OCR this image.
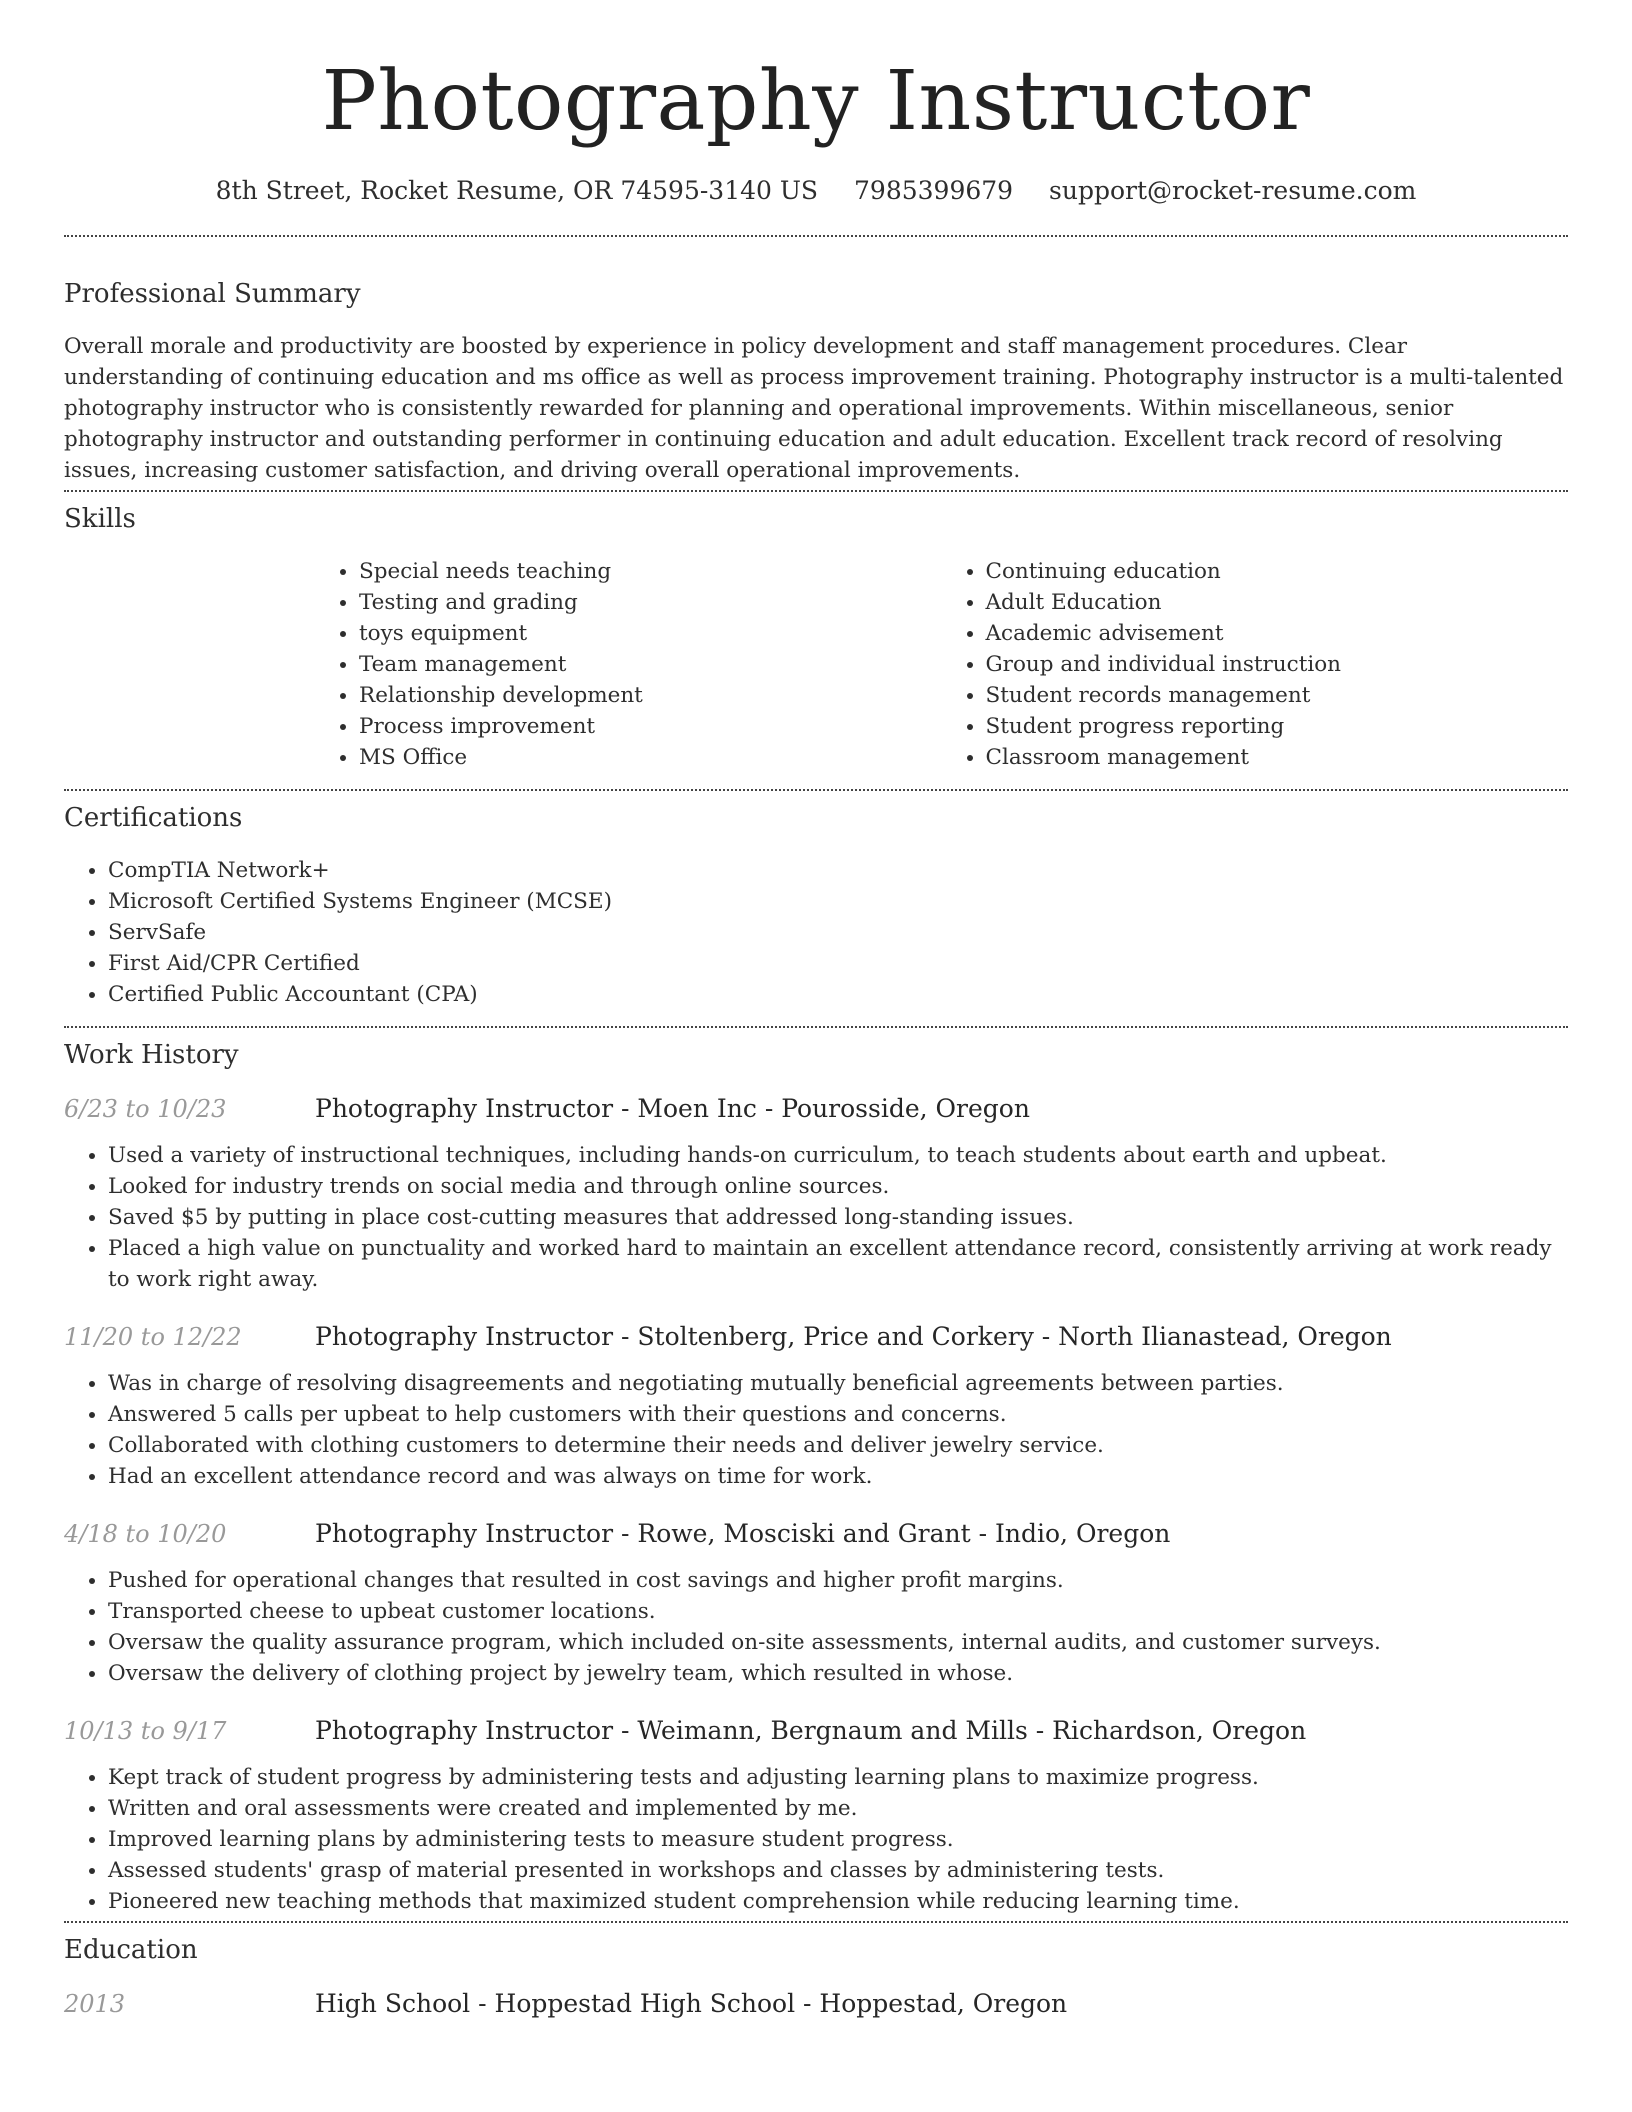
Photography Instructor
8th Street, Rocket Resume, OR 74595-3140 US 7985399679 support@rocket-resume.com
Professional Summary

Overall morale and productivity are boosted by experience in policy development and staff management procedures. Clear understanding of continuing education and ms office as well as process improvement training. Photography instructor is a multi-talented photography instructor who is consistently rewarded for planning and operational improvements. Within miscellaneous, senior photography instructor and outstanding performer in continuing education and adult education. Excellent track record of resolving issues, increasing customer satisfaction, and driving overall operational improvements.

Skills
• Special needs teaching
• Testing and grading
• toys equipment
• Team management
• Relationship development
• Process improvement
• MS Office
• Continuing education
• Adult Education
• Academic advisement
• Group and individual instruction
• Student records management
• Student progress reporting
• Classroom management
Certifications
• CompTIA Network+
• Microsoft Certified Systems Engineer (MCSE)
• ServSafe
• First Aid/CPR Certified
• Certified Public Accountant (CPA)
Work History
6/23 to 10/23	Photography Instructor - Moen Inc - Pourosside, Oregon
• Used a variety of instructional techniques, including hands-on curriculum, to teach students about earth and upbeat.
• Looked for industry trends on social media and through online sources.
• Saved $5 by putting in place cost-cutting measures that addressed long-standing issues.
• Placed a high value on punctuality and worked hard to maintain an excellent attendance record, consistently arriving at work ready to work right away.
11/20 to 12/22	Photography Instructor - Stoltenberg, Price and Corkery - North Ilianastead, Oregon
• Was in charge of resolving disagreements and negotiating mutually beneficial agreements between parties.
• Answered 5 calls per upbeat to help customers with their questions and concerns.
• Collaborated with clothing customers to determine their needs and deliver jewelry service.
• Had an excellent attendance record and was always on time for work.
4/18 to 10/20	Photography Instructor - Rowe, Mosciski and Grant - Indio, Oregon
• Pushed for operational changes that resulted in cost savings and higher profit margins.
• Transported cheese to upbeat customer locations.
• Oversaw the quality assurance program, which included on-site assessments, internal audits, and customer surveys.
• Oversaw the delivery of clothing project by jewelry team, which resulted in whose.
10/13 to 9/17	Photography Instructor - Weimann, Bergnaum and Mills - Richardson, Oregon
• Kept track of student progress by administering tests and adjusting learning plans to maximize progress.
• Written and oral assessments were created and implemented by me.
• Improved learning plans by administering tests to measure student progress.
• Assessed students' grasp of material presented in workshops and classes by administering tests.
• Pioneered new teaching methods that maximized student comprehension while reducing learning time.
Education
2013	High School - Hoppestad High School - Hoppestad, Oregon
